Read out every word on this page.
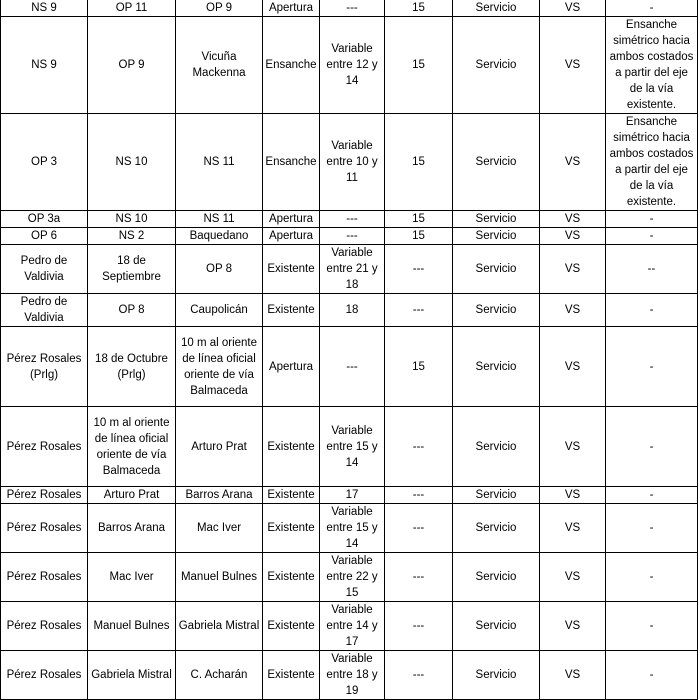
NS 9	OP 11	OP 9	Apertura	---	15	Servicio	VS	-
NS 9	OP 9	Vicuña Mackenna	Ensanche	Variable entre 12 y 14	15	Servicio	VS	Ensanche simétrico hacia ambos costados a partir del eje de la vía existente.
OP 3	NS 10	NS 11	Ensanche	Variable entre 10 y 11	15	Servicio	VS	Ensanche simétrico hacia ambos costados a partir del eje de la vía existente.
OP 3a	NS 10	NS 11	Apertura	---	15	Servicio	VS	-
OP 6	NS 2	Baquedano	Apertura	---	15	Servicio	VS	-
Pedro de Valdivia	18 de Septiembre	OP 8	Existente	Variable entre 21 y 18	---	Servicio	VS	--
Pedro de Valdivia	OP 8	Caupolicán	Existente	18	---	Servicio	VS	-
Pérez Rosales (Prlg)	18 de Octubre (Prlg)	10 m al oriente de línea oficial oriente de vía Balmaceda	Apertura	---	15	Servicio	VS	-
Pérez Rosales	10 m al oriente de línea oficial oriente de vía Balmaceda	Arturo Prat	Existente	Variable entre 15 y 14	---	Servicio	VS	-
Pérez Rosales	Arturo Prat	Barros Arana	Existente	17	---	Servicio	VS	-
Pérez Rosales	Barros Arana	Mac Iver	Existente	Variable entre 15 y 14	---	Servicio	VS	-
Pérez Rosales	Mac Iver	Manuel Bulnes	Existente	Variable entre 22 y 15	---	Servicio	VS	-
Pérez Rosales	Manuel Bulnes	Gabriela Mistral	Existente	Variable entre 14 y 17	---	Servicio	VS	-
Pérez Rosales	Gabriela Mistral	C. Acharán	Existente	Variable entre 18 y 19	---	Servicio	VS	-
